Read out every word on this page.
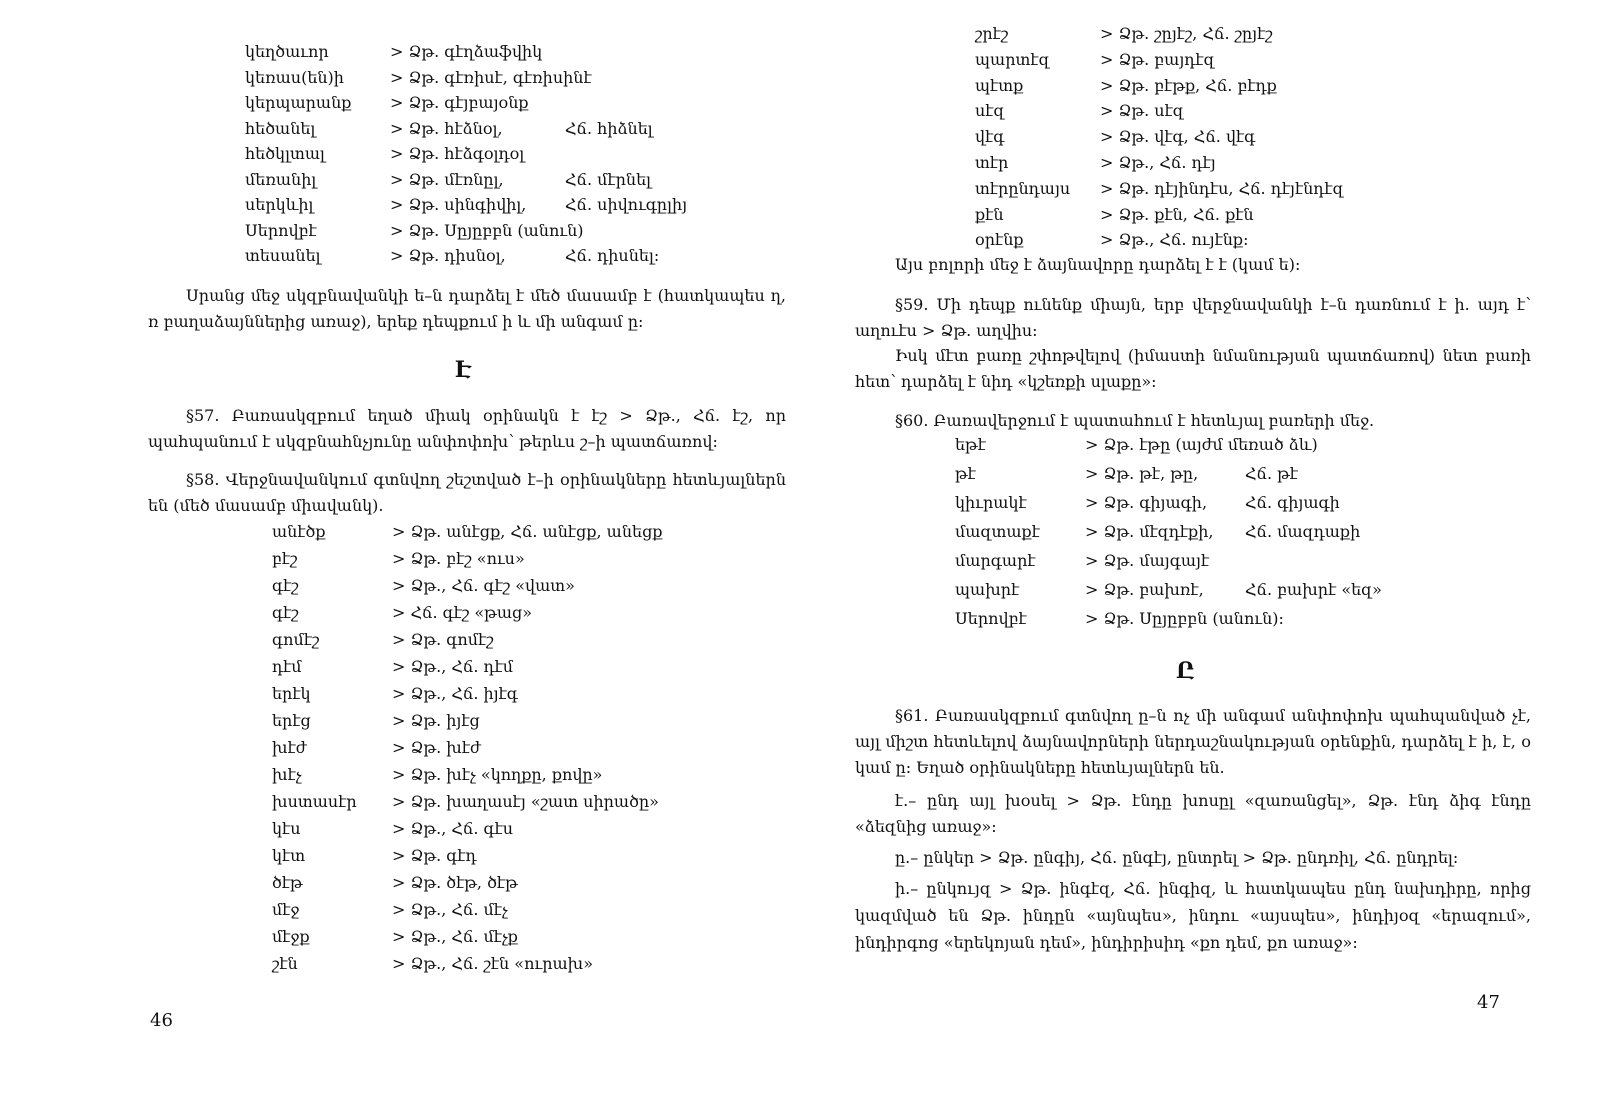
կեղծաւոր	> Ձթ. գէղձաֆվիկ
կեռաս(են)ի	> Ձթ. գէռիսէ, գէռիսինէ
կերպարանք > Ձթ. գէյբայօնք
հեծանել	> Ձթ. հէձնօլ,	Հճ. հիձնել
հեծկլտալ	> Ձթ. հէձգօլդօլ
մեռանիլ	> Ձթ. մէռնըլ,	Հճ. մէրնել
սերկևիլ	> Ձթ. սինգիվիլ, Հճ. սիվուգըլիյ
Սերովբէ	> Ձթ. Սըյըբբն (անուն)
տեսանել	> Ձթ. դիսնօլ,	Հճ. դիսնել:
Սրանց մեջ սկզբնավանկի ե–ն դարձել է մեծ մասամբ է (հատկապես ղ, ռ բաղաձայններից առաջ), երեք դեպքում ի և մի անգամ ը:
Է
§57. Բառասկզբում եղած միակ օրինակն է էշ > Ձթ., Հճ. էշ, որ պահպանում է սկզբնահնչյունը անփոփոխ՝ թերևս շ–ի պատճառով:
§58. Վերջնավանկում գտնվող շեշտված է–ի օրինակները հետևյալներն են (մեծ մասամբ միավանկ).
անէծք	> Ձթ. անէցք, Հճ. անէցք, անեցք
բէշ	> Ձթ. բէշ «ուս»
գէշ	> Ձթ., Հճ. գէշ «վատ»
գէշ	> Հճ. գէշ «թաց»
գոմէշ	> Ձթ. գոմէշ
դէմ	> Ձթ., Հճ. դէմ
երէկ	> Ձթ., Հճ. իյէգ
երէց	> Ձթ. իյէց
խէժ	> Ձթ. խէժ
խէչ	> Ձթ. խէչ «կողքը, քովը»
խստասէր > Ձթ. խաղասէյ «շատ սիրածը»
կէս	> Ձթ., Հճ. գէս
կէտ	> Ձթ. գէդ
ծէթ	> Ձթ. ծէթ, ծէթ
մէջ	> Ձթ., Հճ. մէչ
մէջք	> Ձթ., Հճ. մէչք
շէն	> Ձթ., Հճ. շէն «ուրախ»
46
շրէշ	> Ձթ. շըյէշ, Հճ. շըյէշ
պարտէզ	> Ձթ. բայդէզ
պէտք	> Ձթ. բէթք, Հճ. բէդք
սէզ	> Ձթ. սէզ
վէգ	> Ձթ. վէգ, Հճ. վէգ
տէր	> Ձթ., Հճ. դէյ
տէրընդայս > Ձթ. դէյինդէս, Հճ. դէյէնդէզ
քէն	> Ձթ. քէն, Հճ. քէն
օրէնք	> Ձթ., Հճ. ույէնք:
Այս բոլորի մեջ է ձայնավորը դարձել է է (կամ ե):
§59. Մի դեպք ունենք միայն, երբ վերջնավանկի է–ն դառնում է ի. այդ է՝ աղուէս > Ձթ. աղվիս:
Իսկ մէտ բառը շփոթվելով (իմաստի նմանության պատճառով) նետ բառի հետ՝ դարձել է նիդ «կշեռքի սլաքը»:
§60. Բառավերջում է պատահում է հետևյալ բառերի մեջ.
եթէ	> Ձթ. էթը (այժմ մեռած ձև)
թէ	> Ձթ. թէ, թը,	Հճ. թէ
կիւրակէ	> Ձթ. գիյագի, Հճ. գիյագի
մազտաքէ	> Ձթ. մէզդէքի, Հճ. մազդաքի
մարգարէ	> Ձթ. մայգայէ
պախրէ	> Ձթ. բախռէ,	Հճ. բախրէ «եզ»
Սերովբէ	> Ձթ. Սըյըբբն (անուն):
Ը
§61. Բառասկզբում գտնվող ը–ն ոչ մի անգամ անփոփոխ պահպանված չէ, այլ միշտ հետևելով ձայնավորների ներդաշնակության օրենքին, դարձել է ի, է, օ կամ ը: Եղած օրինակները հետևյալներն են.
է.– ընդ այլ խօսել > Ձթ. էնդը խոսըլ «զառանցել», Ձթ. էնդ ձիգ էնդը «ձեզնից առաջ»:
ը.– ընկեր > Ձթ. ընգիյ, Հճ. ընգէյ, ընտրել > Ձթ. ընդռիլ, Հճ. ընդրել:
ի.– ընկույզ > Ձթ. ինգէզ, Հճ. ինգիզ, և հատկապես ընդ նախդիրը, որից կազմված են Ձթ. ինդըն «այնպես», ինդու «այսպես», ինդիյօզ «երազում», ինդիրգոց «երեկոյան դեմ», ինդիրիսիդ «քո դեմ, քո առաջ»:
47
